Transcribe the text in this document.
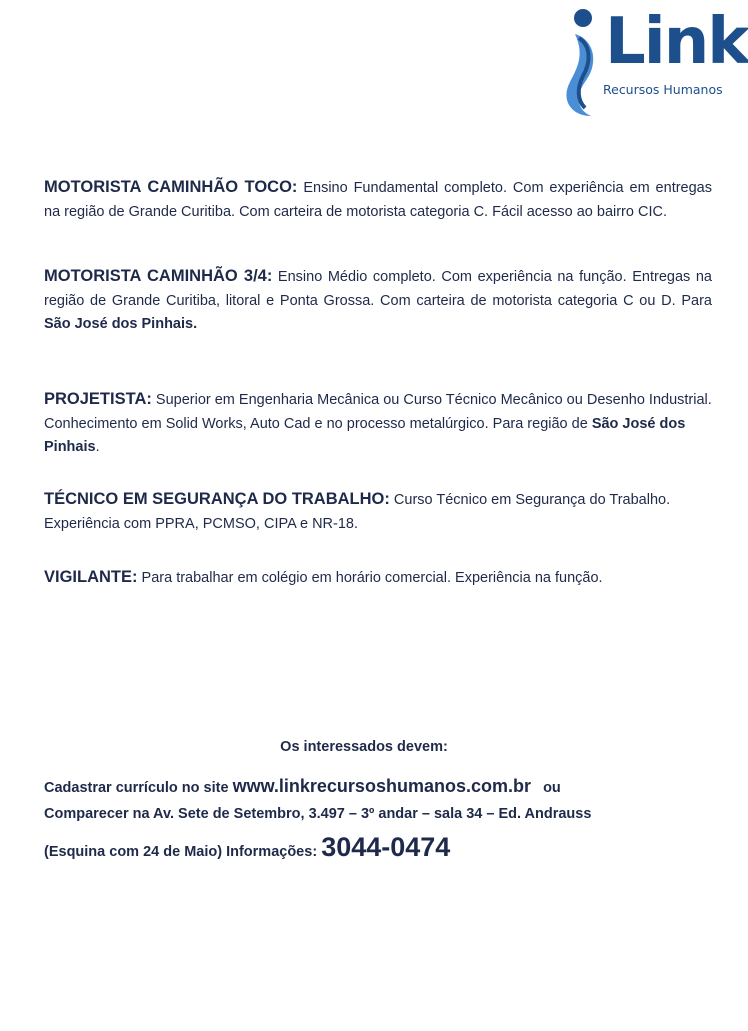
Link
Recursos Humanos

MOTORISTA CAMINHÃO TOCO: Ensino Fundamental completo. Com experiência em entregas na região de Grande Curitiba. Com carteira de motorista categoria C. Fácil acesso ao bairro CIC.

MOTORISTA CAMINHÃO 3/4: Ensino Médio completo. Com experiência na função. Entregas na região de Grande Curitiba, litoral e Ponta Grossa. Com carteira de motorista categoria C ou D. Para São José dos Pinhais.

PROJETISTA: Superior em Engenharia Mecânica ou Curso Técnico Mecânico ou Desenho Industrial. Conhecimento em Solid Works, Auto Cad e no processo metalúrgico. Para região de São José dos Pinhais.

TÉCNICO EM SEGURANÇA DO TRABALHO: Curso Técnico em Segurança do Trabalho. Experiência com PPRA, PCMSO, CIPA e NR-18.

VIGILANTE: Para trabalhar em colégio em horário comercial. Experiência na função.

Os interessados devem:
Cadastrar currículo no site www.linkrecursoshumanos.com.br ou
Comparecer na Av. Sete de Setembro, 3.497 – 3º andar – sala 34 – Ed. Andrauss
(Esquina com 24 de Maio) Informações: 3044-0474
